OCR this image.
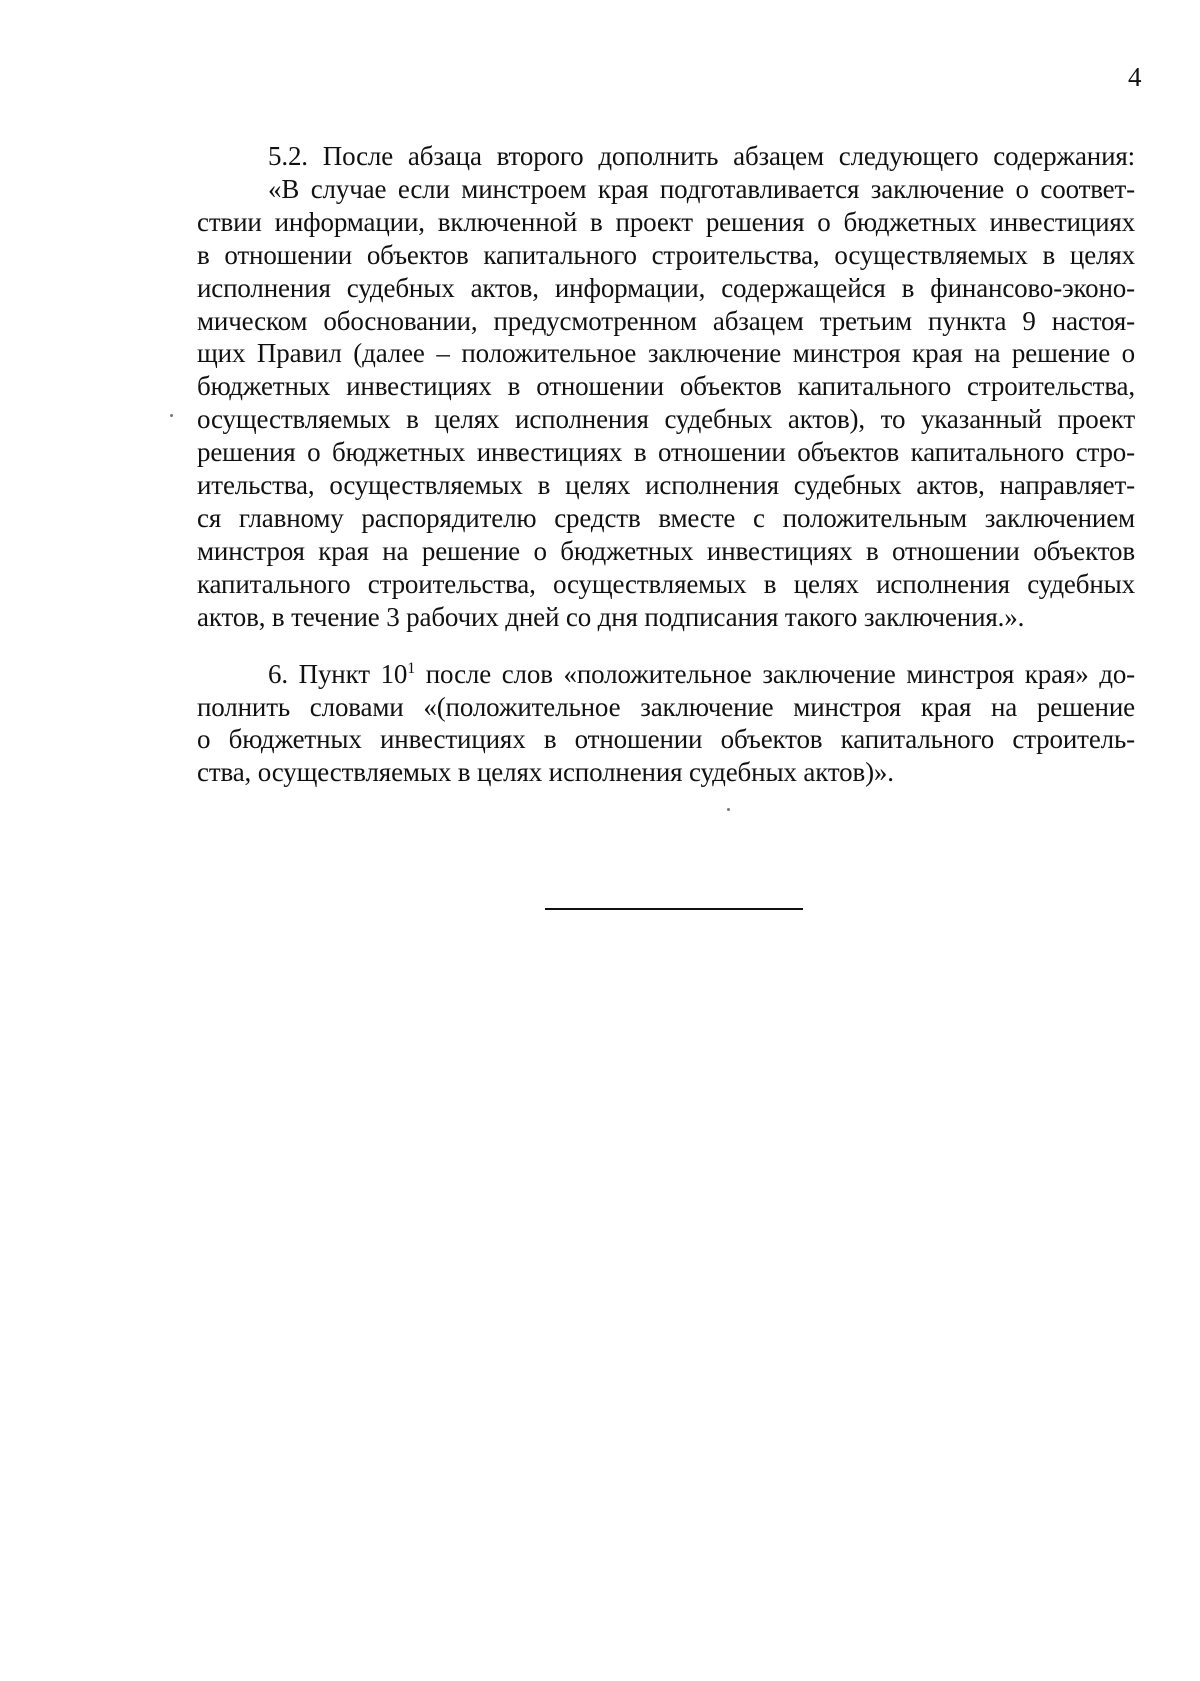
4
5.2. После абзаца второго дополнить абзацем следующего содержания:
«В случае если минстроем края подготавливается заключение о соответ-
ствии информации, включенной в проект решения о бюджетных инвестициях
в отношении объектов капитального строительства, осуществляемых в целях
исполнения судебных актов, информации, содержащейся в финансово-эконо-
мическом обосновании, предусмотренном абзацем третьим пункта 9 настоя-
щих Правил (далее – положительное заключение минстроя края на решение о
бюджетных инвестициях в отношении объектов капитального строительства,
осуществляемых в целях исполнения судебных актов), то указанный проект
решения о бюджетных инвестициях в отношении объектов капитального стро-
ительства, осуществляемых в целях исполнения судебных актов, направляет-
ся главному распорядителю средств вместе с положительным заключением
минстроя края на решение о бюджетных инвестициях в отношении объектов
капитального строительства, осуществляемых в целях исполнения судебных
актов, в течение 3 рабочих дней со дня подписания такого заключения.».
6. Пункт $10^1$ после слов «положительное заключение минстроя края» до-
полнить словами «(положительное заключение минстроя края на решение
о бюджетных инвестициях в отношении объектов капитального строитель-
ства, осуществляемых в целях исполнения судебных актов)».
